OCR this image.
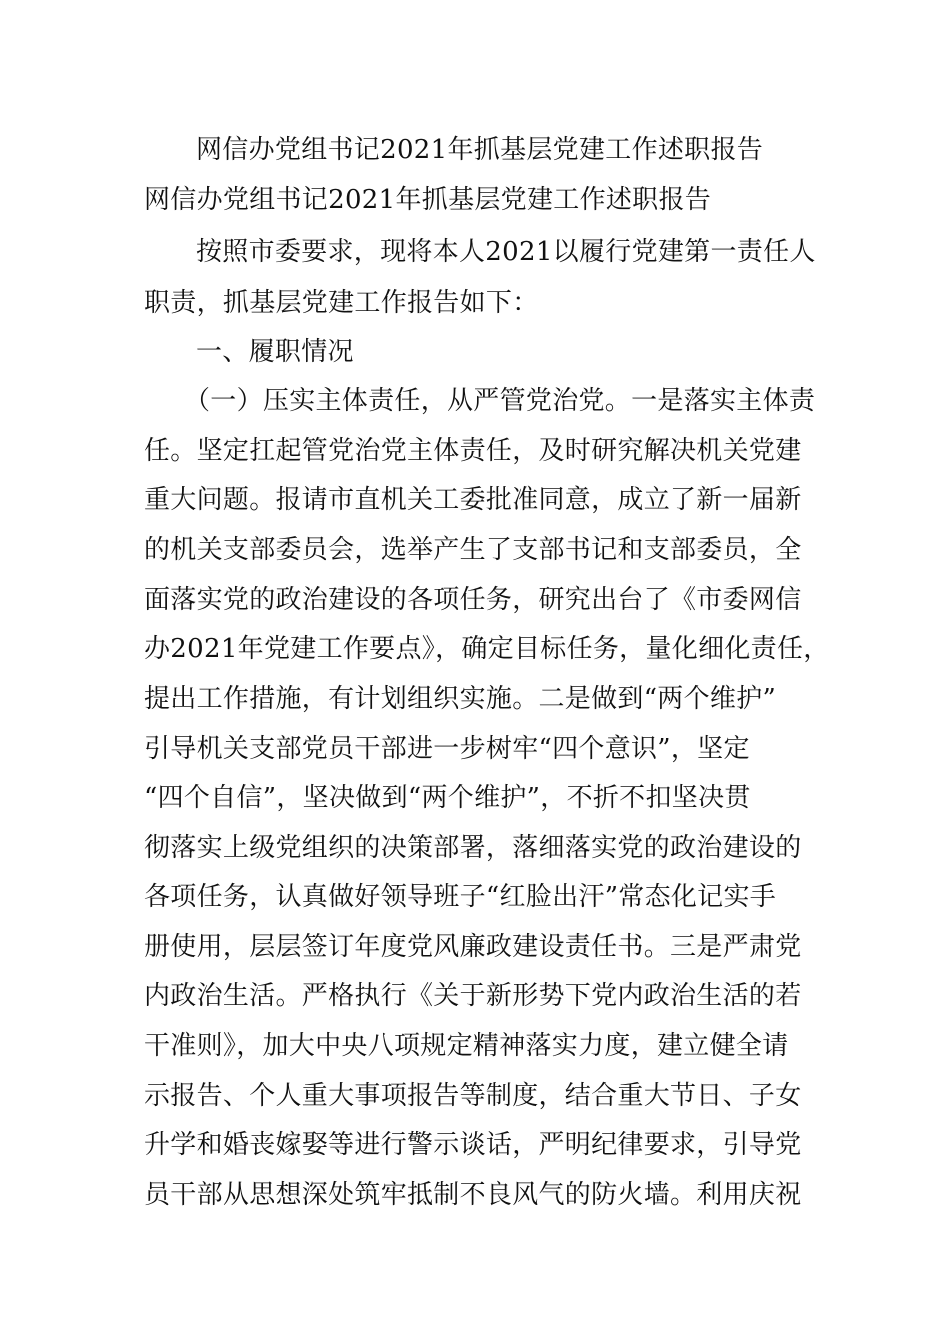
网信办党组书记2021年抓基层党建工作述职报告
网信办党组书记2021年抓基层党建工作述职报告
按照市委要求，现将本人2021以履行党建第一责任人
职责，抓基层党建工作报告如下：
一、履职情况
（一）压实主体责任，从严管党治党。一是落实主体责
任。坚定扛起管党治党主体责任，及时研究解决机关党建
重大问题。报请市直机关工委批准同意，成立了新一届新
的机关支部委员会，选举产生了支部书记和支部委员，全
面落实党的政治建设的各项任务，研究出台了《市委网信
办2021年党建工作要点》，确定目标任务，量化细化责任，
提出工作措施，有计划组织实施。二是做到“两个维护”
引导机关支部党员干部进一步树牢“四个意识”，坚定
“四个自信”，坚决做到“两个维护”，不折不扣坚决贯
彻落实上级党组织的决策部署，落细落实党的政治建设的
各项任务，认真做好领导班子“红脸出汗”常态化记实手
册使用，层层签订年度党风廉政建设责任书。三是严肃党
内政治生活。严格执行《关于新形势下党内政治生活的若
干准则》，加大中央八项规定精神落实力度，建立健全请
示报告、个人重大事项报告等制度，结合重大节日、子女
升学和婚丧嫁娶等进行警示谈话，严明纪律要求，引导党
员干部从思想深处筑牢抵制不良风气的防火墙。利用庆祝
